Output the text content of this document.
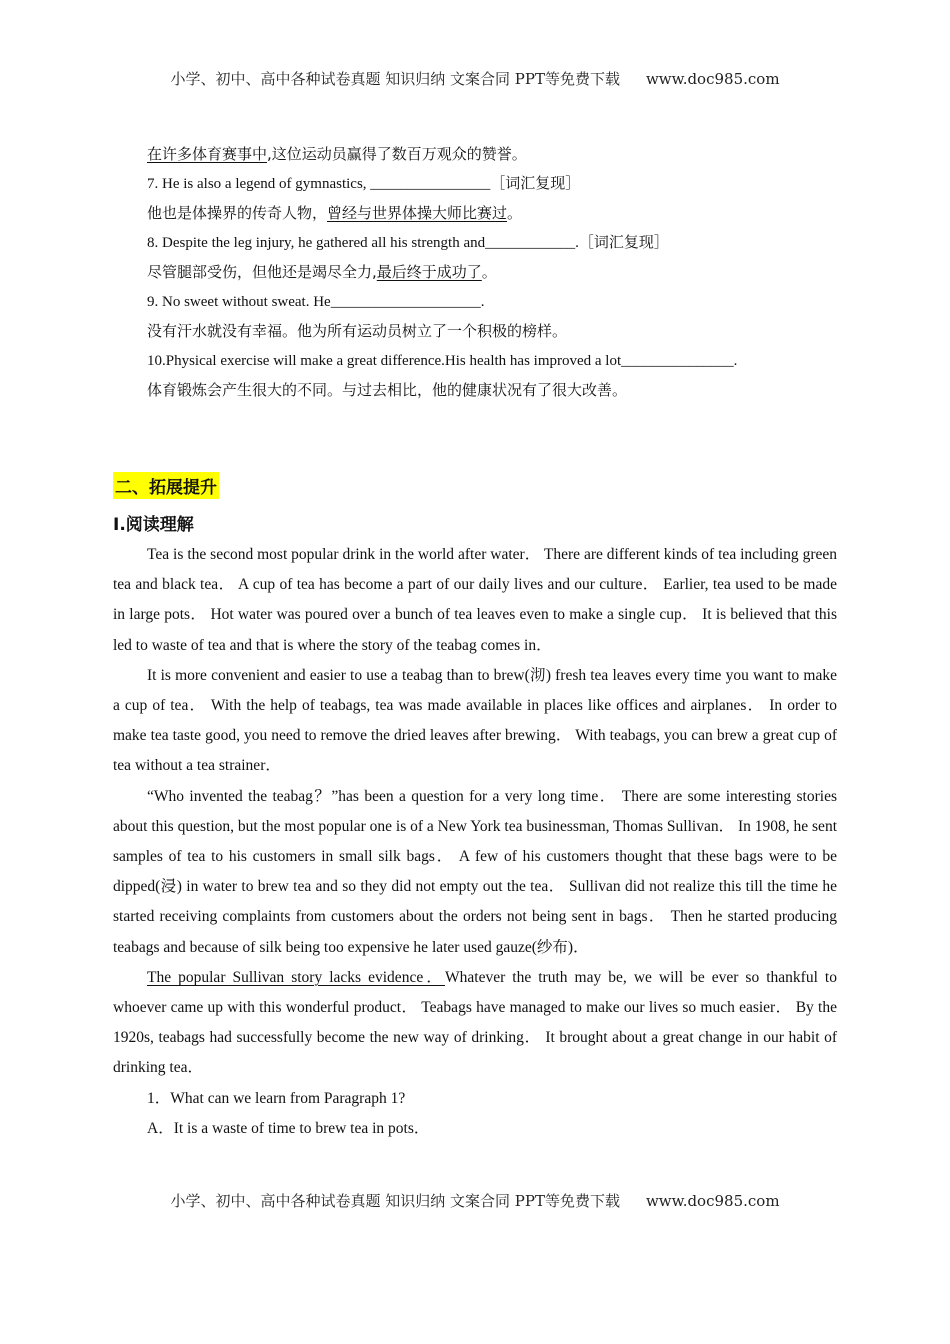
小学、初中、高中各种试卷真题 知识归纳 文案合同 PPT等免费下载 www.doc985.com
在许多体育赛事中,这位运动员赢得了数百万观众的赞誉。
7. He is also a legend of gymnastics, ________________［词汇复现］
他也是体操界的传奇人物，曾经与世界体操大师比赛过。
8. Despite the leg injury, he gathered all his strength and____________.［词汇复现］
尽管腿部受伤，但他还是竭尽全力,最后终于成功了。
9. No sweet without sweat. He____________________.
没有汗水就没有幸福。他为所有运动员树立了一个积极的榜样。
10.Physical exercise will make a great difference.His health has improved a lot_______________.
体育锻炼会产生很大的不同。与过去相比，他的健康状况有了很大改善。
二、拓展提升
I.阅读理解

Tea is the second most popular drink in the world after water． There are different kinds of tea including green tea and black tea． A cup of tea has become a part of our daily lives and our culture． Earlier, tea used to be made in large pots． Hot water was poured over a bunch of tea leaves even to make a single cup． It is believed that this led to waste of tea and that is where the story of the teabag comes in．

It is more convenient and easier to use a teabag than to brew(沏) fresh tea leaves every time you want to make a cup of tea． With the help of teabags, tea was made available in places like offices and airplanes． In order to make tea taste good, you need to remove the dried leaves after brewing． With teabags, you can brew a great cup of tea without a tea strainer．

“Who invented the teabag？”has been a question for a very long time． There are some interesting stories about this question, but the most popular one is of a New York tea businessman, Thomas Sullivan． In 1908, he sent samples of tea to his customers in small silk bags． A few of his customers thought that these bags were to be dipped(浸) in water to brew tea and so they did not empty out the tea． Sullivan did not realize this till the time he started receiving complaints from customers about the orders not being sent in bags． Then he started producing teabags and because of silk being too expensive he later used gauze(纱布)．

The popular Sullivan story lacks evidence．Whatever the truth may be, we will be ever so thankful to whoever came up with this wonderful product． Teabags have managed to make our lives so much easier． By the 1920s, teabags had successfully become the new way of drinking． It brought about a great change in our habit of drinking tea．

1．What can we learn from Paragraph 1?
A．It is a waste of time to brew tea in pots．
小学、初中、高中各种试卷真题 知识归纳 文案合同 PPT等免费下载 www.doc985.com
